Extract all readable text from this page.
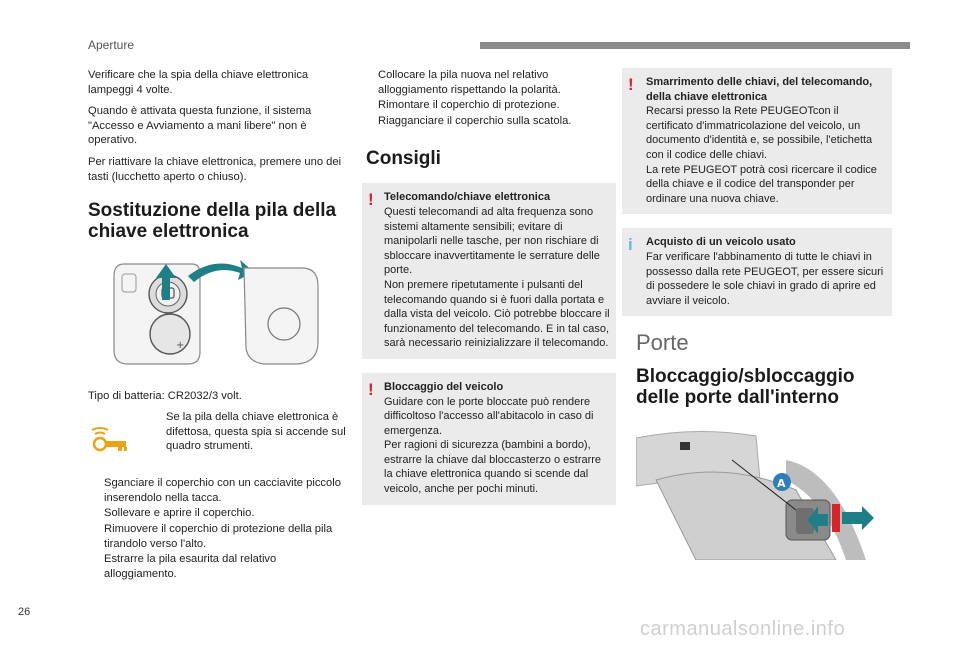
Aperture

Verificare che la spia della chiave elettronica lampeggi 4 volte.

Quando è attivata questa funzione, il sistema "Accesso e Avviamento a mani libere" non è operativo.

Per riattivare la chiave elettronica, premere uno dei tasti (lucchetto aperto o chiuso).

Sostituzione della pila della chiave elettronica
+
Tipo di batteria: CR2032/3 volt.
Se la pila della chiave elettronica è difettosa, questa spia si accende sul quadro strumenti.
Sganciare il coperchio con un cacciavite piccolo inserendolo nella tacca.
Sollevare e aprire il coperchio.
Rimuovere il coperchio di protezione della pila tirandolo verso l'alto.
Estrarre la pila esaurita dal relativo alloggiamento.
Collocare la pila nuova nel relativo alloggiamento rispettando la polarità.
Rimontare il coperchio di protezione.
Riagganciare il coperchio sulla scatola.
Consigli
! Telecomando/chiave elettronica
Questi telecomandi ad alta frequenza sono sistemi altamente sensibili; evitare di manipolarli nelle tasche, per non rischiare di sbloccare inavvertitamente le serrature delle porte.
Non premere ripetutamente i pulsanti del telecomando quando si è fuori dalla portata e dalla vista del veicolo. Ciò potrebbe bloccare il funzionamento del telecomando. E in tal caso, sarà necessario reinizializzare il telecomando.
! Bloccaggio del veicolo
Guidare con le porte bloccate può rendere difficoltoso l'accesso all'abitacolo in caso di emergenza.
Per ragioni di sicurezza (bambini a bordo), estrarre la chiave dal bloccasterzo o estrarre la chiave elettronica quando si scende dal veicolo, anche per pochi minuti.
! Smarrimento delle chiavi, del telecomando, della chiave elettronica
Recarsi presso la Rete PEUGEOTcon il certificato d'immatricolazione del veicolo, un documento d'identità e, se possibile, l'etichetta con il codice delle chiavi.
La rete PEUGEOT potrà così ricercare il codice della chiave e il codice del transponder per ordinare una nuova chiave.
i Acquisto di un veicolo usato
Far verificare l'abbinamento di tutte le chiavi in possesso dalla rete PEUGEOT, per essere sicuri di possedere le sole chiavi in grado di aprire ed avviare il veicolo.
Porte
Bloccaggio/sbloccaggio delle porte dall'interno
A
26
carmanualsonline.info
